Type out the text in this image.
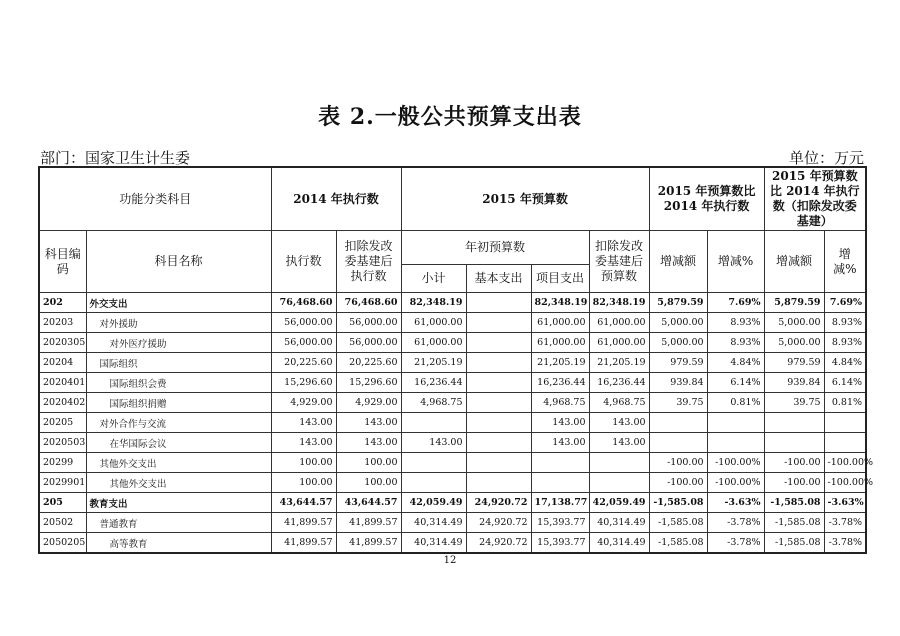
表 2.一般公共预算支出表
部门：国家卫生计生委	单位：万元
功能分类科目		2014 年执行数		2015 年预算数				2015 年预算数比 2014 年执行数		2015 年预算数比 2014 年执行数（扣除发改委基建）	
科目编码	科目名称	执行数	扣除发改委基建后执行数	年初预算数			扣除发改委基建后预算数	增减额	增减%	增减额	增减%
				小计	基本支出	项目支出					
202	外交支出	76,468.60	76,468.60	82,348.19		82,348.19	82,348.19	5,879.59	7.69%	5,879.59	7.69%
20203	对外援助	56,000.00	56,000.00	61,000.00		61,000.00	61,000.00	5,000.00	8.93%	5,000.00	8.93%
2020305	对外医疗援助	56,000.00	56,000.00	61,000.00		61,000.00	61,000.00	5,000.00	8.93%	5,000.00	8.93%
20204	国际组织	20,225.60	20,225.60	21,205.19		21,205.19	21,205.19	979.59	4.84%	979.59	4.84%
2020401	国际组织会费	15,296.60	15,296.60	16,236.44		16,236.44	16,236.44	939.84	6.14%	939.84	6.14%
2020402	国际组织捐赠	4,929.00	4,929.00	4,968.75		4,968.75	4,968.75	39.75	0.81%	39.75	0.81%
20205	对外合作与交流	143.00	143.00			143.00	143.00				
2020503	在华国际会议	143.00	143.00	143.00		143.00	143.00				
20299	其他外交支出	100.00	100.00					-100.00	-100.00%	-100.00	-100.00%
2029901	其他外交支出	100.00	100.00					-100.00	-100.00%	-100.00	-100.00%
205	教育支出	43,644.57	43,644.57	42,059.49	24,920.72	17,138.77	42,059.49	-1,585.08	-3.63%	-1,585.08	-3.63%
20502	普通教育	41,899.57	41,899.57	40,314.49	24,920.72	15,393.77	40,314.49	-1,585.08	-3.78%	-1,585.08	-3.78%
2050205	高等教育	41,899.57	41,899.57	40,314.49	24,920.72	15,393.77	40,314.49	-1,585.08	-3.78%	-1,585.08	-3.78%
12
